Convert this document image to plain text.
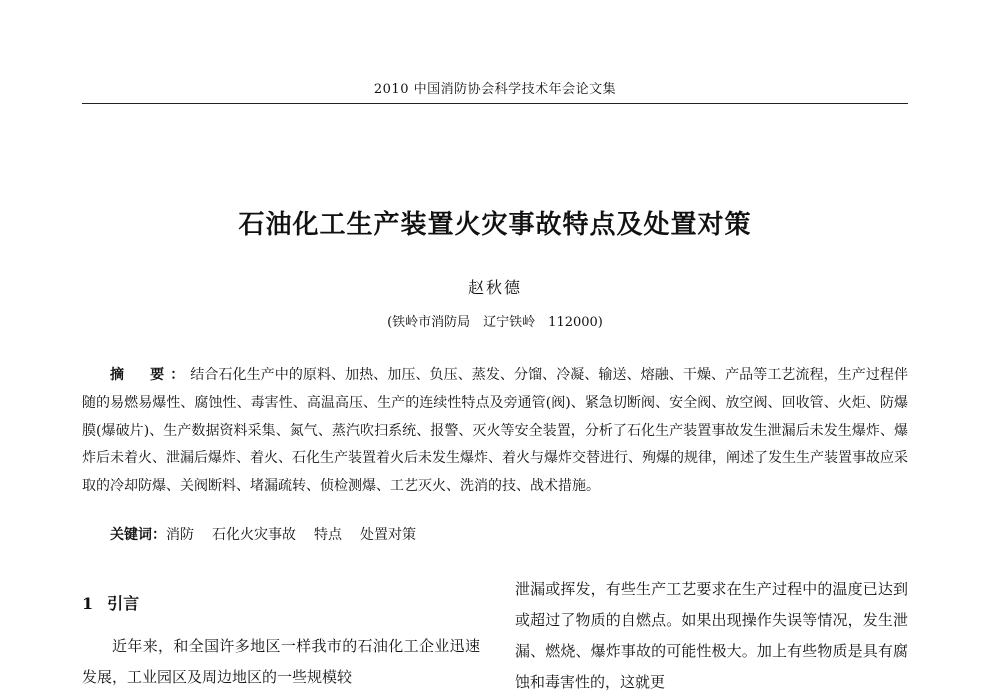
2010 中国消防协会科学技术年会论文集
石油化工生产装置火灾事故特点及处置对策
赵秋德
(铁岭市消防局　辽宁铁岭　112000)

摘　要：结合石化生产中的原料、加热、加压、负压、蒸发、分馏、冷凝、输送、熔融、干燥、产品等工艺流程，生产过程伴随的易燃易爆性、腐蚀性、毒害性、高温高压、生产的连续性特点及旁通管(阀)、紧急切断阀、安全阀、放空阀、回收管、火炬、防爆膜(爆破片)、生产数据资料采集、氮气、蒸汽吹扫系统、报警、灭火等安全装置，分析了石化生产装置事故发生泄漏后未发生爆炸、爆炸后未着火、泄漏后爆炸、着火、石化生产装置着火后未发生爆炸、着火与爆炸交替进行、殉爆的规律，阐述了发生生产装置事故应采取的冷却防爆、关阀断料、堵漏疏转、侦检测爆、工艺灭火、洗消的技、战术措施。

关键词：消防 石化火灾事故 特点 处置对策

1 引言

近年来，和全国许多地区一样我市的石油化工企业迅速发展，工业园区及周边地区的一些规模较

泄漏或挥发，有些生产工艺要求在生产过程中的温度已达到或超过了物质的自燃点。如果出现操作失误等情况，发生泄漏、燃烧、爆炸事故的可能性极大。加上有些物质是具有腐蚀和毒害性的，这就更
